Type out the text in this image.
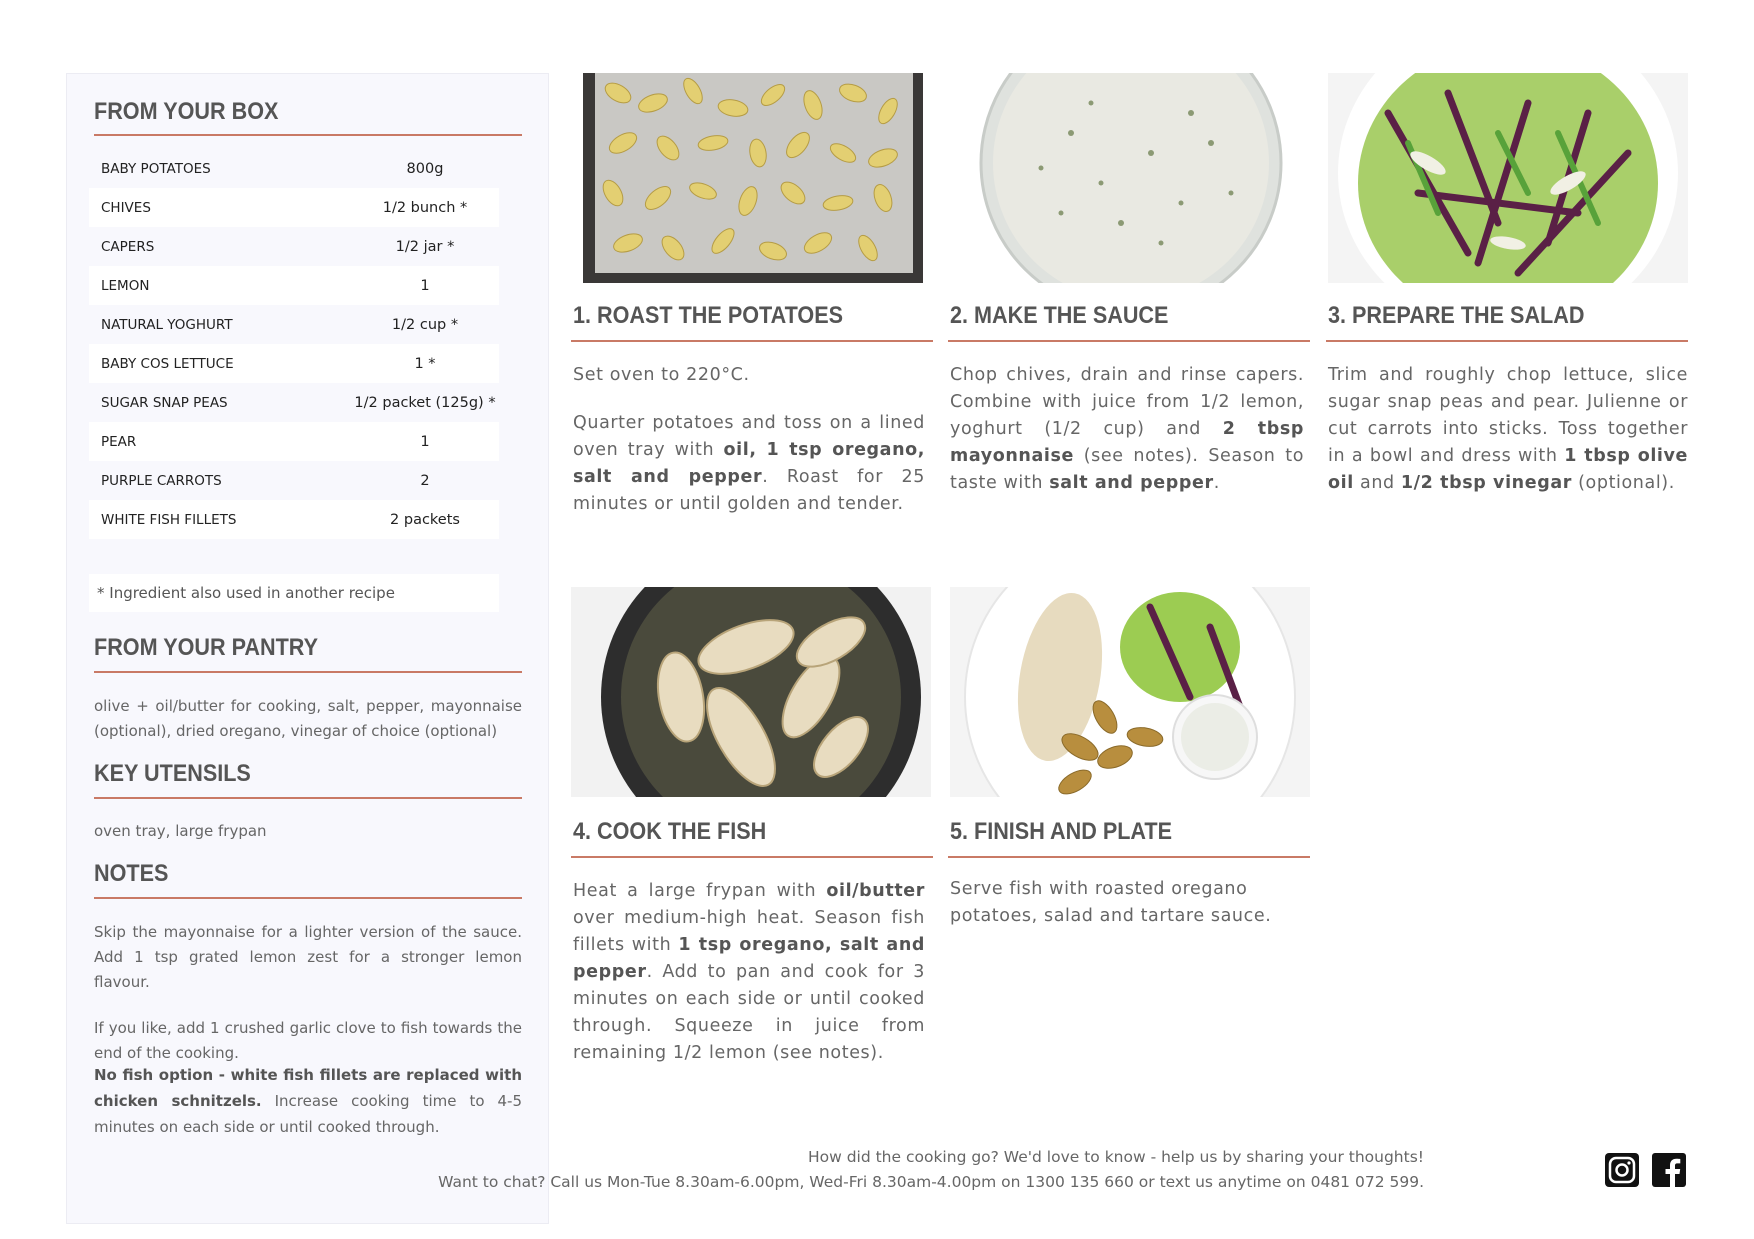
FROM YOUR BOX
BABY POTATOES	800g
CHIVES	1/2 bunch *
CAPERS	1/2 jar *
LEMON	1
NATURAL YOGHURT	1/2 cup *
BABY COS LETTUCE	1 *
SUGAR SNAP PEAS	1/2 packet (125g) *
PEAR	1
PURPLE CARROTS	2
WHITE FISH FILLETS	2 packets
* Ingredient also used in another recipe
FROM YOUR PANTRY
olive + oil/butter for cooking, salt, pepper, mayonnaise (optional), dried oregano, vinegar of choice (optional)
KEY UTENSILS
oven tray, large frypan
NOTES
Skip the mayonnaise for a lighter version of the sauce. Add 1 tsp grated lemon zest for a stronger lemon flavour.
If you like, add 1 crushed garlic clove to fish towards the end of the cooking.
No fish option - white fish fillets are replaced with chicken schnitzels. Increase cooking time to 4-5 minutes on each side or until cooked through.
1. ROAST THE POTATOES

Set oven to 220°C.

Quarter potatoes and toss on a lined oven tray with oil, 1 tsp oregano, salt and pepper. Roast for 25 minutes or until golden and tender.

2. MAKE THE SAUCE

Chop chives, drain and rinse capers. Combine with juice from 1/2 lemon, yoghurt (1/2 cup) and 2 tbsp mayonnaise (see notes). Season to taste with salt and pepper.

3. PREPARE THE SALAD

Trim and roughly chop lettuce, slice sugar snap peas and pear. Julienne or cut carrots into sticks. Toss together in a bowl and dress with 1 tbsp olive oil and 1/2 tbsp vinegar (optional).

4. COOK THE FISH

Heat a large frypan with oil/butter over medium-high heat. Season fish fillets with 1 tsp oregano, salt and pepper. Add to pan and cook for 3 minutes on each side or until cooked through. Squeeze in juice from remaining 1/2 lemon (see notes).

5. FINISH AND PLATE

Serve fish with roasted oregano potatoes, salad and tartare sauce.

How did the cooking go? We'd love to know - help us by sharing your thoughts!
Want to chat? Call us Mon-Tue 8.30am-6.00pm, Wed-Fri 8.30am-4.00pm on 1300 135 660 or text us anytime on 0481 072 599.
